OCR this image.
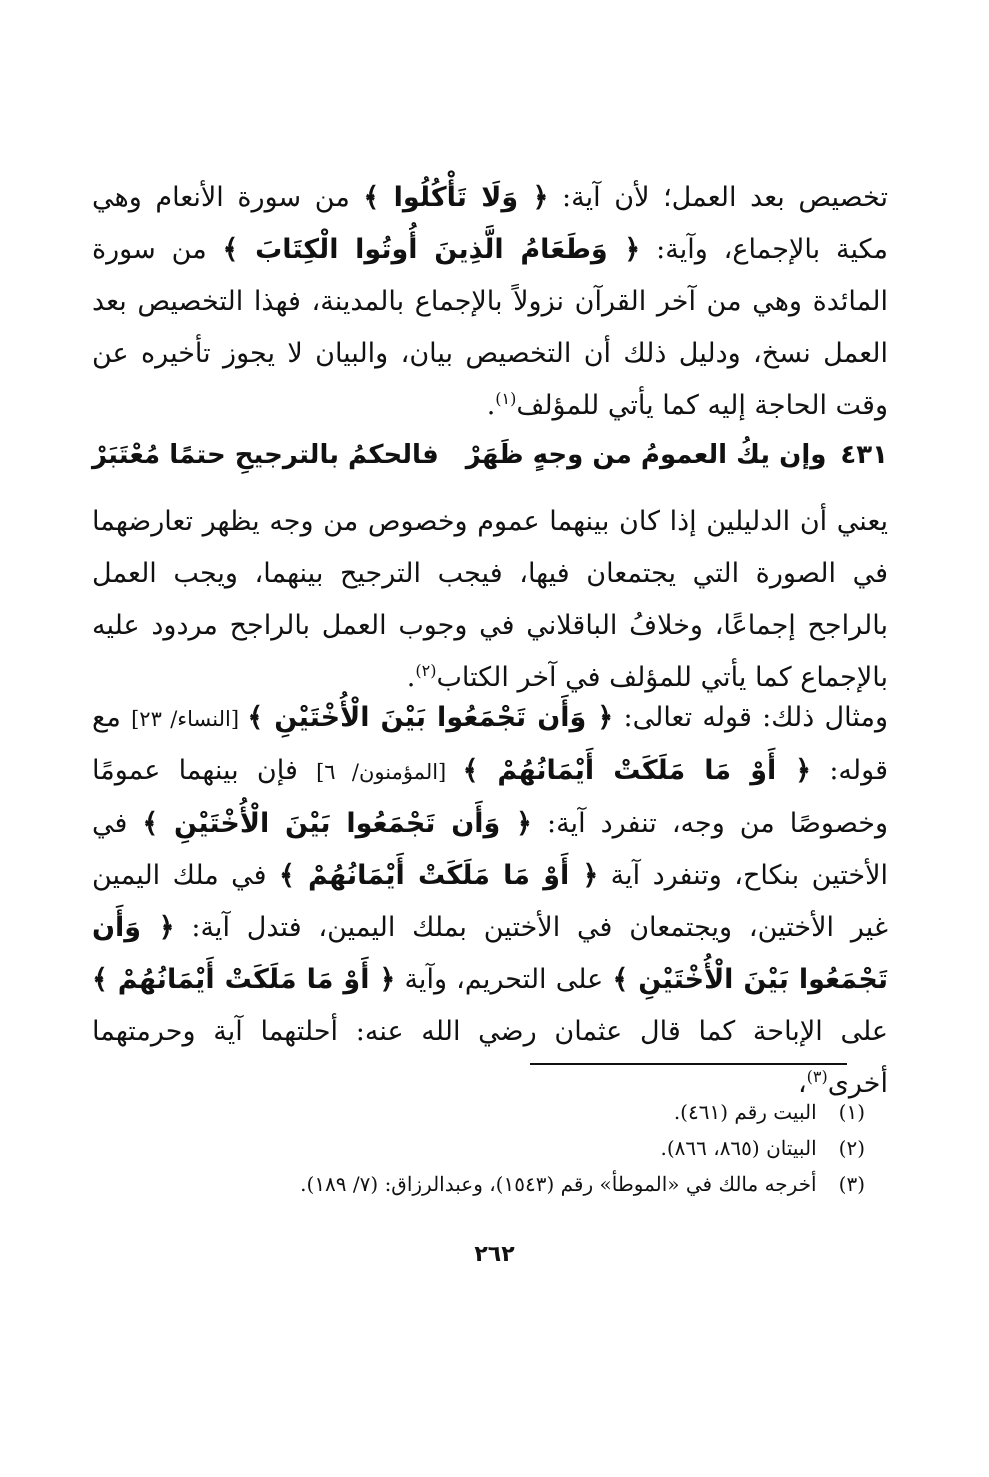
تخصيص بعد العمل؛ لأن آية: ﴿ وَلَا تَأْكُلُوا ﴾ من سورة الأنعام وهي مكية بالإجماع، وآية: ﴿ وَطَعَامُ الَّذِينَ أُوتُوا الْكِتَابَ ﴾ من سورة المائدة وهي من آخر القرآن نزولاً بالإجماع بالمدينة، فهذا التخصيص بعد العمل نسخ، ودليل ذلك أن التخصيص بيان، والبيان لا يجوز تأخيره عن وقت الحاجة إليه كما يأتي للمؤلف$^{(١)}$.

٤٣١
وإن يكُ العمومُ من وجهٍ ظَهَرْ
فالحكمُ بالترجيحِ حتمًا مُعْتَبَرْ

يعني أن الدليلين إذا كان بينهما عموم وخصوص من وجه يظهر تعارضهما في الصورة التي يجتمعان فيها، فيجب الترجيح بينهما، ويجب العمل بالراجح إجماعًا، وخلافُ الباقلاني في وجوب العمل بالراجح مردود عليه بالإجماع كما يأتي للمؤلف في آخر الكتاب$^{(٢)}$.

ومثال ذلك: قوله تعالى: ﴿ وَأَن تَجْمَعُوا بَيْنَ الْأُخْتَيْنِ ﴾ [النساء/ ٢٣] مع قوله: ﴿ أَوْ مَا مَلَكَتْ أَيْمَانُهُمْ ﴾ [المؤمنون/ ٦] فإن بينهما عمومًا وخصوصًا من وجه، تنفرد آية: ﴿ وَأَن تَجْمَعُوا بَيْنَ الْأُخْتَيْنِ ﴾ في الأختين بنكاح، وتنفرد آية ﴿ أَوْ مَا مَلَكَتْ أَيْمَانُهُمْ ﴾ في ملك اليمين غير الأختين، ويجتمعان في الأختين بملك اليمين، فتدل آية: ﴿ وَأَن تَجْمَعُوا بَيْنَ الْأُخْتَيْنِ ﴾ على التحريم، وآية ﴿ أَوْ مَا مَلَكَتْ أَيْمَانُهُمْ ﴾ على الإباحة كما قال عثمان رضي الله عنه: أحلتهما آية وحرمتهما أخرى$^{(٣)}$،

(١)البيت رقم (٤٦١).
(٢)البيتان (٨٦٥، ٨٦٦).
(٣)أخرجه مالك في «الموطأ» رقم (١٥٤٣)، وعبدالرزاق: (٧/ ١٨٩).
٢٦٢
